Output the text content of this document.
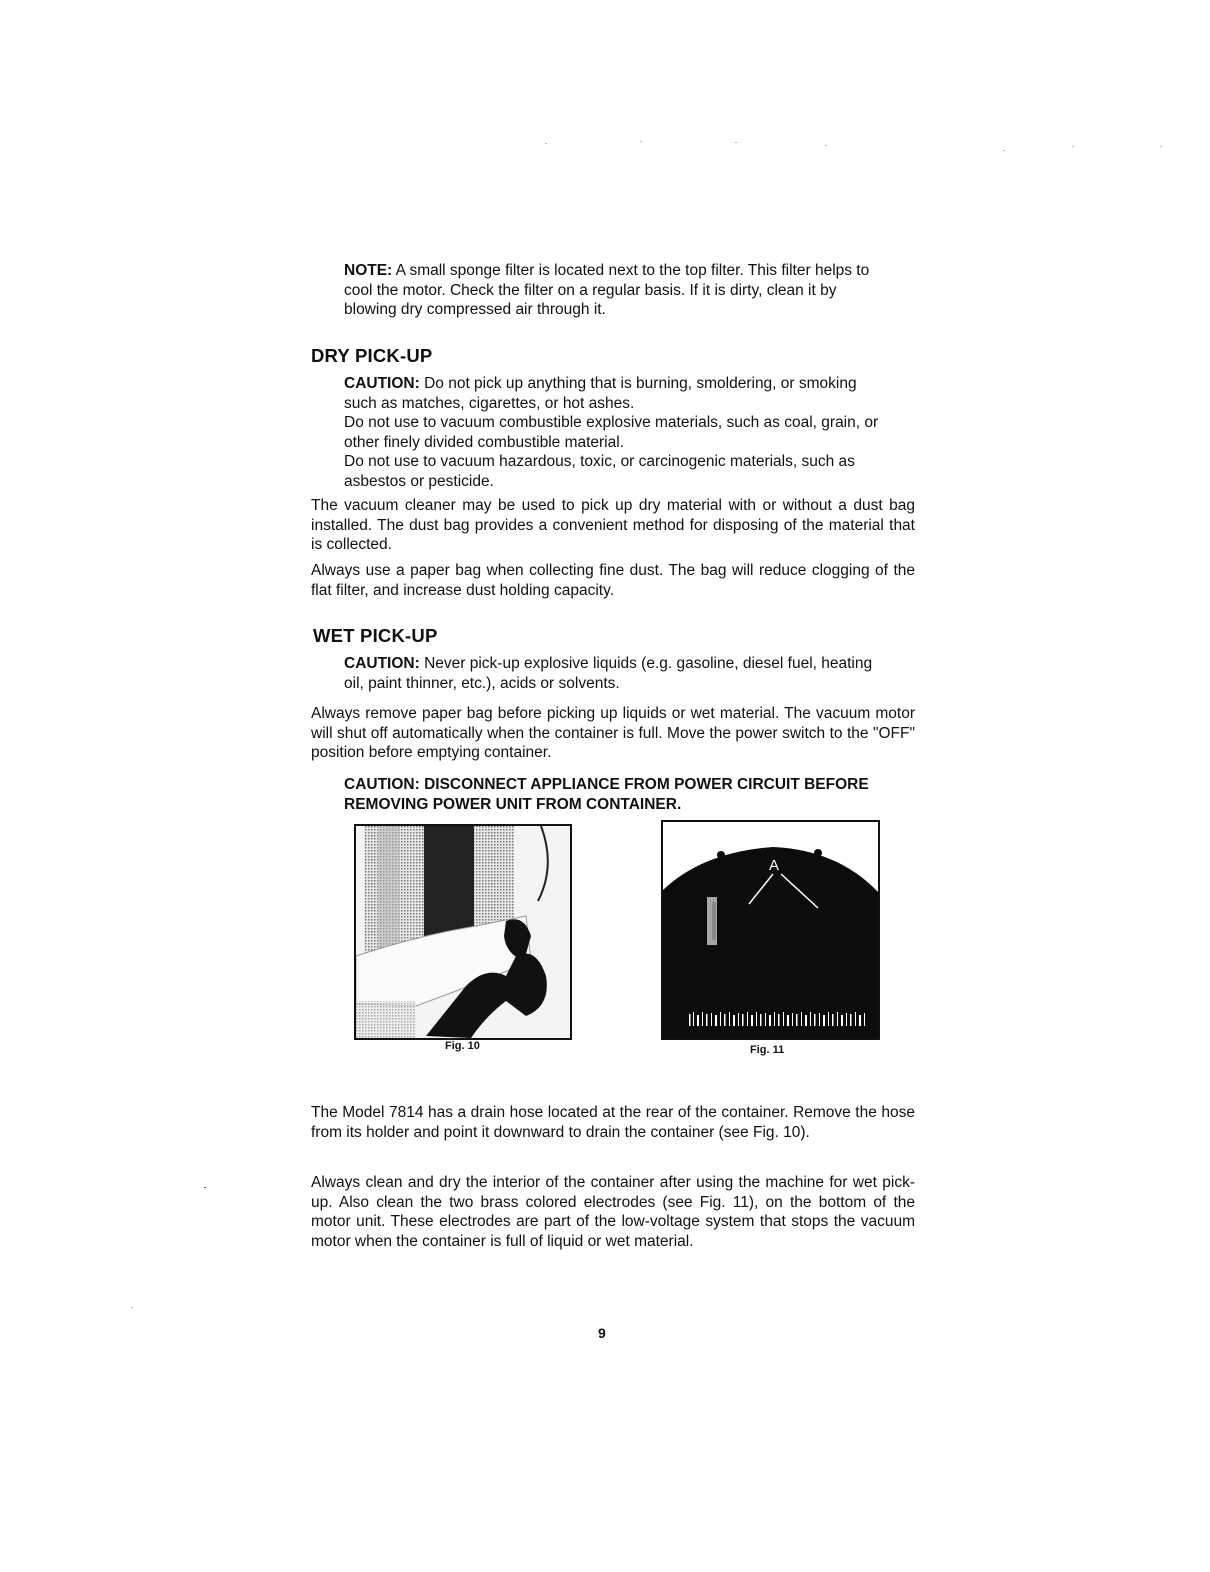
NOTE: A small sponge filter is located next to the top filter. This filter helps to cool the motor. Check the filter on a regular basis. If it is dirty, clean it by blowing dry compressed air through it.

DRY PICK-UP

CAUTION: Do not pick up anything that is burning, smoldering, or smoking such as matches, cigarettes, or hot ashes.

Do not use to vacuum combustible explosive materials, such as coal, grain, or other finely divided combustible material.

Do not use to vacuum hazardous, toxic, or carcinogenic materials, such as asbestos or pesticide.

The vacuum cleaner may be used to pick up dry material with or without a dust bag installed. The dust bag provides a convenient method for disposing of the material that is collected.

Always use a paper bag when collecting fine dust. The bag will reduce clogging of the flat filter, and increase dust holding capacity.

WET PICK-UP

CAUTION: Never pick-up explosive liquids (e.g. gasoline, diesel fuel, heating oil, paint thinner, etc.), acids or solvents.

Always remove paper bag before picking up liquids or wet material. The vacuum motor will shut off automatically when the container is full. Move the power switch to the "OFF" position before emptying container.

CAUTION: DISCONNECT APPLIANCE FROM POWER CIRCUIT BEFORE REMOVING POWER UNIT FROM CONTAINER.

Fig. 10
A
Fig. 11

The Model 7814 has a drain hose located at the rear of the container. Remove the hose from its holder and point it downward to drain the container (see Fig. 10).

Always clean and dry the interior of the container after using the machine for wet pick-up. Also clean the two brass colored electrodes (see Fig. 11), on the bottom of the motor unit. These electrodes are part of the low-voltage system that stops the vacuum motor when the container is full of liquid or wet material.

9
